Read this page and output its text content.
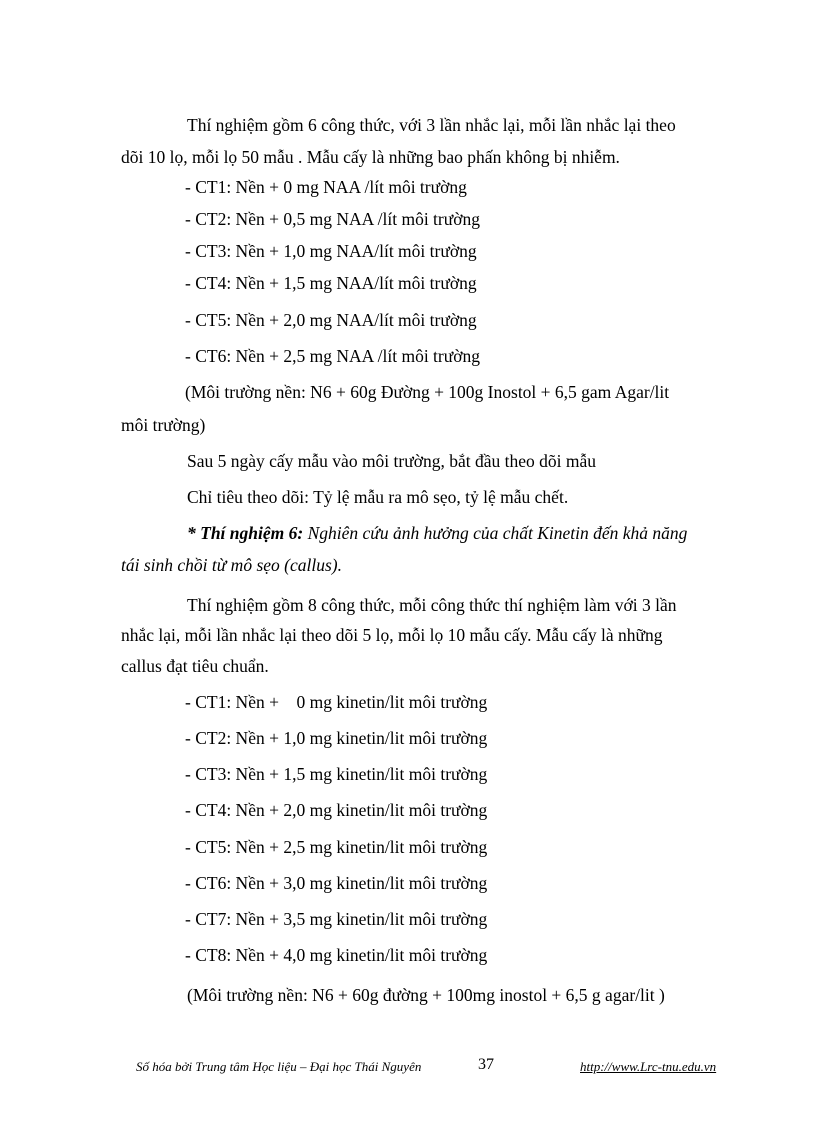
Thí nghiệm gồm 6 công thức, với 3 lần nhắc lại, mỗi lần nhắc lại theo
dõi 10 lọ, mỗi lọ 50 mẫu . Mẫu cấy là những bao phấn không bị nhiễm.
- CT1: Nền + 0 mg NAA /lít môi trường
- CT2: Nền + 0,5 mg NAA /lít môi trường
- CT3: Nền + 1,0 mg NAA/lít môi trường
- CT4: Nền + 1,5 mg NAA/lít môi trường
- CT5: Nền + 2,0 mg NAA/lít môi trường
- CT6: Nền + 2,5 mg NAA /lít môi trường
(Môi trường nền: N6 + 60g Đường + 100g Inostol + 6,5 gam Agar/lit
môi trường)
Sau 5 ngày cấy mẫu vào môi trường, bắt đầu theo dõi mẫu
Chỉ tiêu theo dõi: Tỷ lệ mẫu ra mô sẹo, tỷ lệ mẫu chết.
* Thí nghiệm 6: Nghiên cứu ảnh hưởng của chất Kinetin đến khả năng
tái sinh chồi từ mô sẹo (callus).
Thí nghiệm gồm 8 công thức, mỗi công thức thí nghiệm làm với 3 lần
nhắc lại, mỗi lần nhắc lại theo dõi 5 lọ, mỗi lọ 10 mẫu cấy. Mẫu cấy là những
callus đạt tiêu chuẩn.
- CT1: Nền +    0 mg kinetin/lit môi trường
- CT2: Nền + 1,0 mg kinetin/lit môi trường
- CT3: Nền + 1,5 mg kinetin/lit môi trường
- CT4: Nền + 2,0 mg kinetin/lit môi trường
- CT5: Nền + 2,5 mg kinetin/lit môi trường
- CT6: Nền + 3,0 mg kinetin/lit môi trường
- CT7: Nền + 3,5 mg kinetin/lit môi trường
- CT8: Nền + 4,0 mg kinetin/lit môi trường
(Môi trường nền: N6 + 60g đường + 100mg inostol + 6,5 g agar/lit )
Số hóa bởi Trung tâm Học liệu – Đại học Thái Nguyên	37	http://www.Lrc-tnu.edu.vn
